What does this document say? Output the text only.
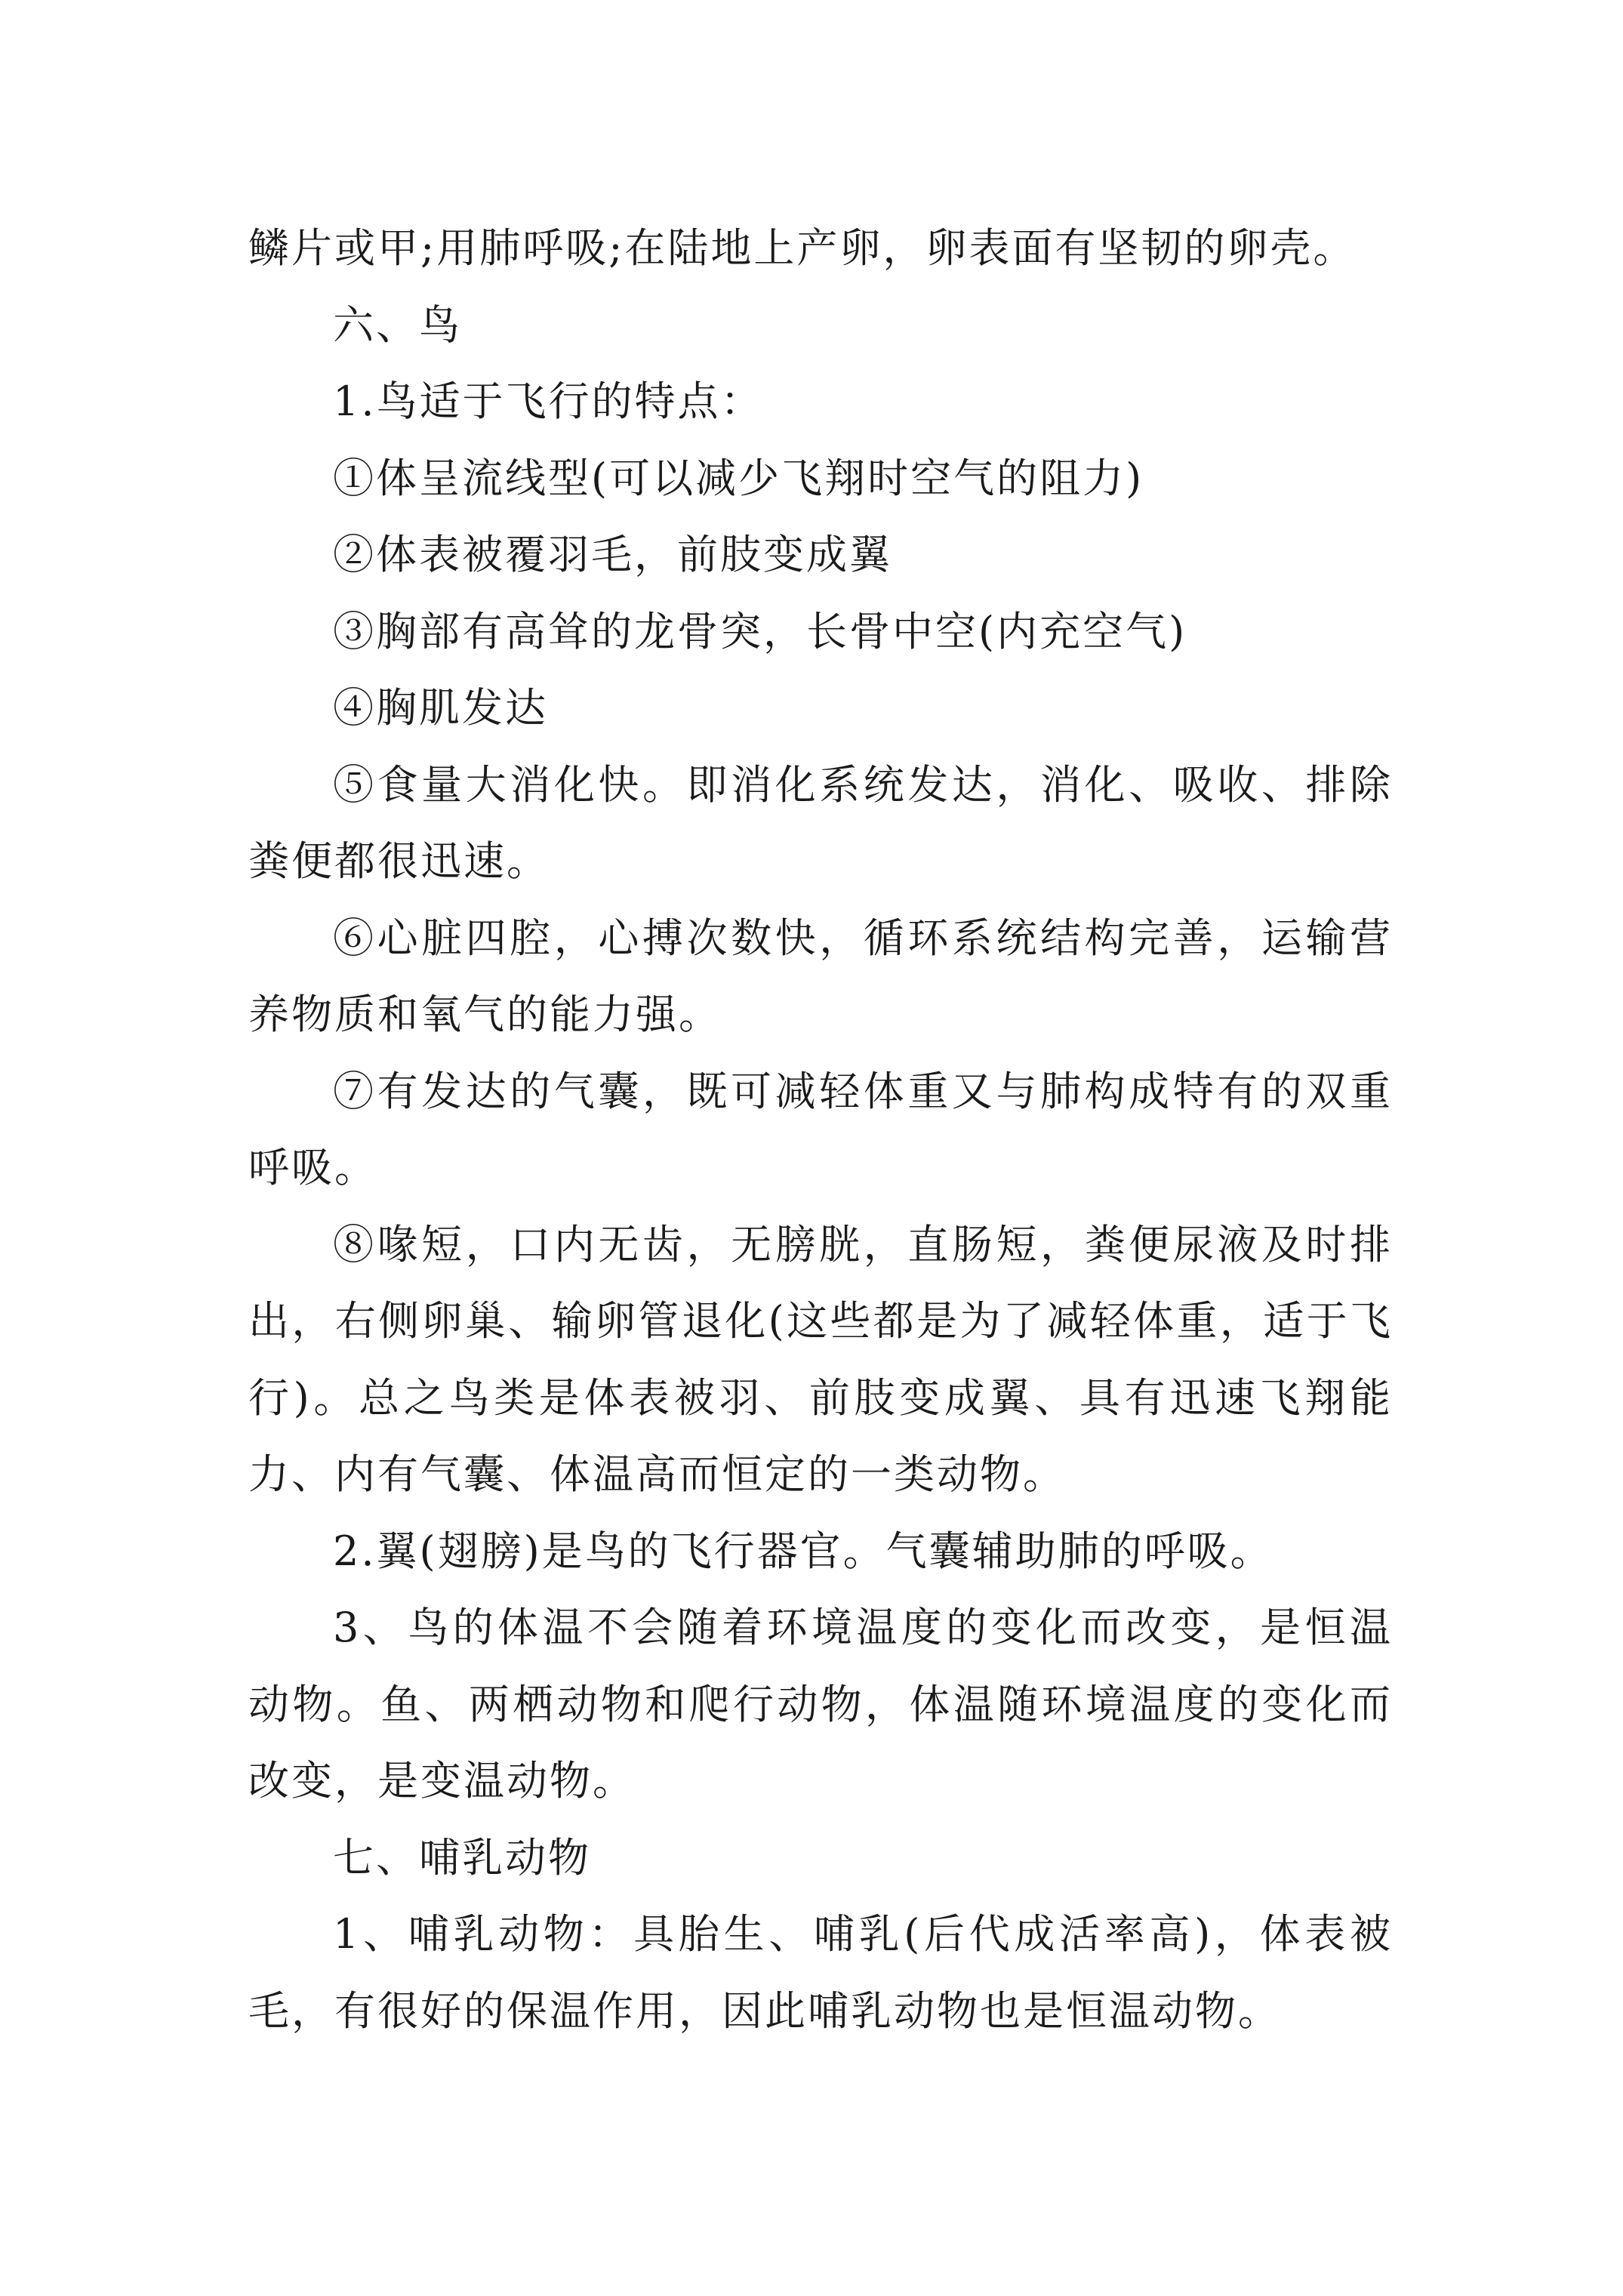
鳞片或甲;用肺呼吸;在陆地上产卵，卵表面有坚韧的卵壳。

六、鸟

1.鸟适于飞行的特点：

①体呈流线型(可以减少飞翔时空气的阻力)

②体表被覆羽毛，前肢变成翼

③胸部有高耸的龙骨突，长骨中空(内充空气)

④胸肌发达

⑤食量大消化快。即消化系统发达，消化、吸收、排除粪便都很迅速。

⑥心脏四腔，心搏次数快，循环系统结构完善，运输营养物质和氧气的能力强。

⑦有发达的气囊，既可减轻体重又与肺构成特有的双重呼吸。

⑧喙短，口内无齿，无膀胱，直肠短，粪便尿液及时排出，右侧卵巢、输卵管退化(这些都是为了减轻体重，适于飞行)。总之鸟类是体表被羽、前肢变成翼、具有迅速飞翔能力、内有气囊、体温高而恒定的一类动物。

2.翼(翅膀)是鸟的飞行器官。气囊辅助肺的呼吸。

3、鸟的体温不会随着环境温度的变化而改变，是恒温动物。鱼、两栖动物和爬行动物，体温随环境温度的变化而改变，是变温动物。

七、哺乳动物

1、哺乳动物：具胎生、哺乳(后代成活率高)，体表被毛，有很好的保温作用，因此哺乳动物也是恒温动物。
